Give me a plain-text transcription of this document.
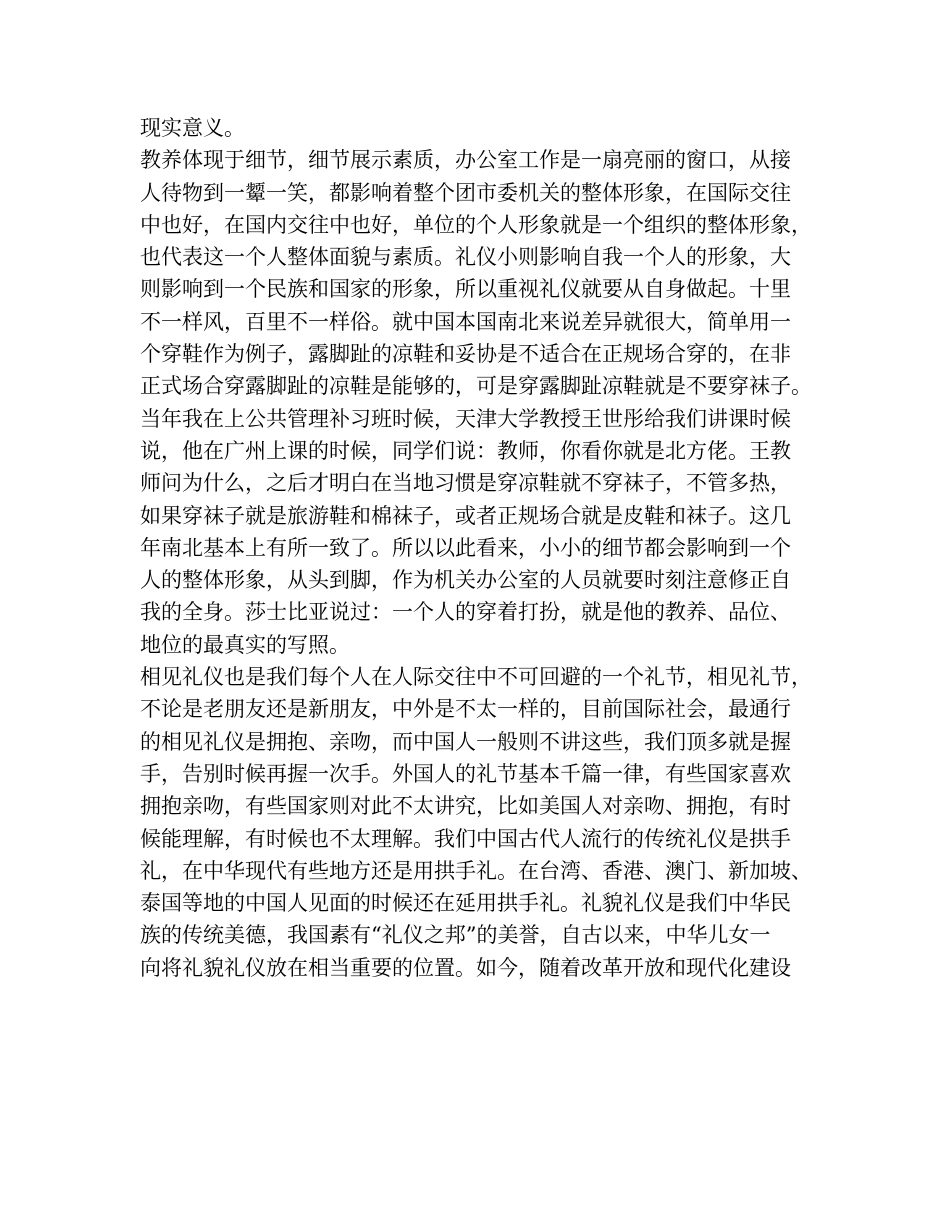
现实意义。
教养体现于细节，细节展示素质，办公室工作是一扇亮丽的窗口，从接
人待物到一颦一笑，都影响着整个团市委机关的整体形象，在国际交往
中也好，在国内交往中也好，单位的个人形象就是一个组织的整体形象，
也代表这一个人整体面貌与素质。礼仪小则影响自我一个人的形象，大
则影响到一个民族和国家的形象，所以重视礼仪就要从自身做起。十里
不一样风，百里不一样俗。就中国本国南北来说差异就很大，简单用一
个穿鞋作为例子，露脚趾的凉鞋和妥协是不适合在正规场合穿的，在非
正式场合穿露脚趾的凉鞋是能够的，可是穿露脚趾凉鞋就是不要穿袜子。
当年我在上公共管理补习班时候，天津大学教授王世彤给我们讲课时候
说，他在广州上课的时候，同学们说：教师，你看你就是北方佬。王教
师问为什么，之后才明白在当地习惯是穿凉鞋就不穿袜子，不管多热，
如果穿袜子就是旅游鞋和棉袜子，或者正规场合就是皮鞋和袜子。这几
年南北基本上有所一致了。所以以此看来，小小的细节都会影响到一个
人的整体形象，从头到脚，作为机关办公室的人员就要时刻注意修正自
我的全身。莎士比亚说过：一个人的穿着打扮，就是他的教养、品位、
地位的最真实的写照。
相见礼仪也是我们每个人在人际交往中不可回避的一个礼节，相见礼节，
不论是老朋友还是新朋友，中外是不太一样的，目前国际社会，最通行
的相见礼仪是拥抱、亲吻，而中国人一般则不讲这些，我们顶多就是握
手，告别时候再握一次手。外国人的礼节基本千篇一律，有些国家喜欢
拥抱亲吻，有些国家则对此不太讲究，比如美国人对亲吻、拥抱，有时
候能理解，有时候也不太理解。我们中国古代人流行的传统礼仪是拱手
礼，在中华现代有些地方还是用拱手礼。在台湾、香港、澳门、新加坡、
泰国等地的中国人见面的时候还在延用拱手礼。礼貌礼仪是我们中华民
族的传统美德，我国素有“礼仪之邦”的美誉，自古以来，中华儿女一
向将礼貌礼仪放在相当重要的位置。如今，随着改革开放和现代化建设
